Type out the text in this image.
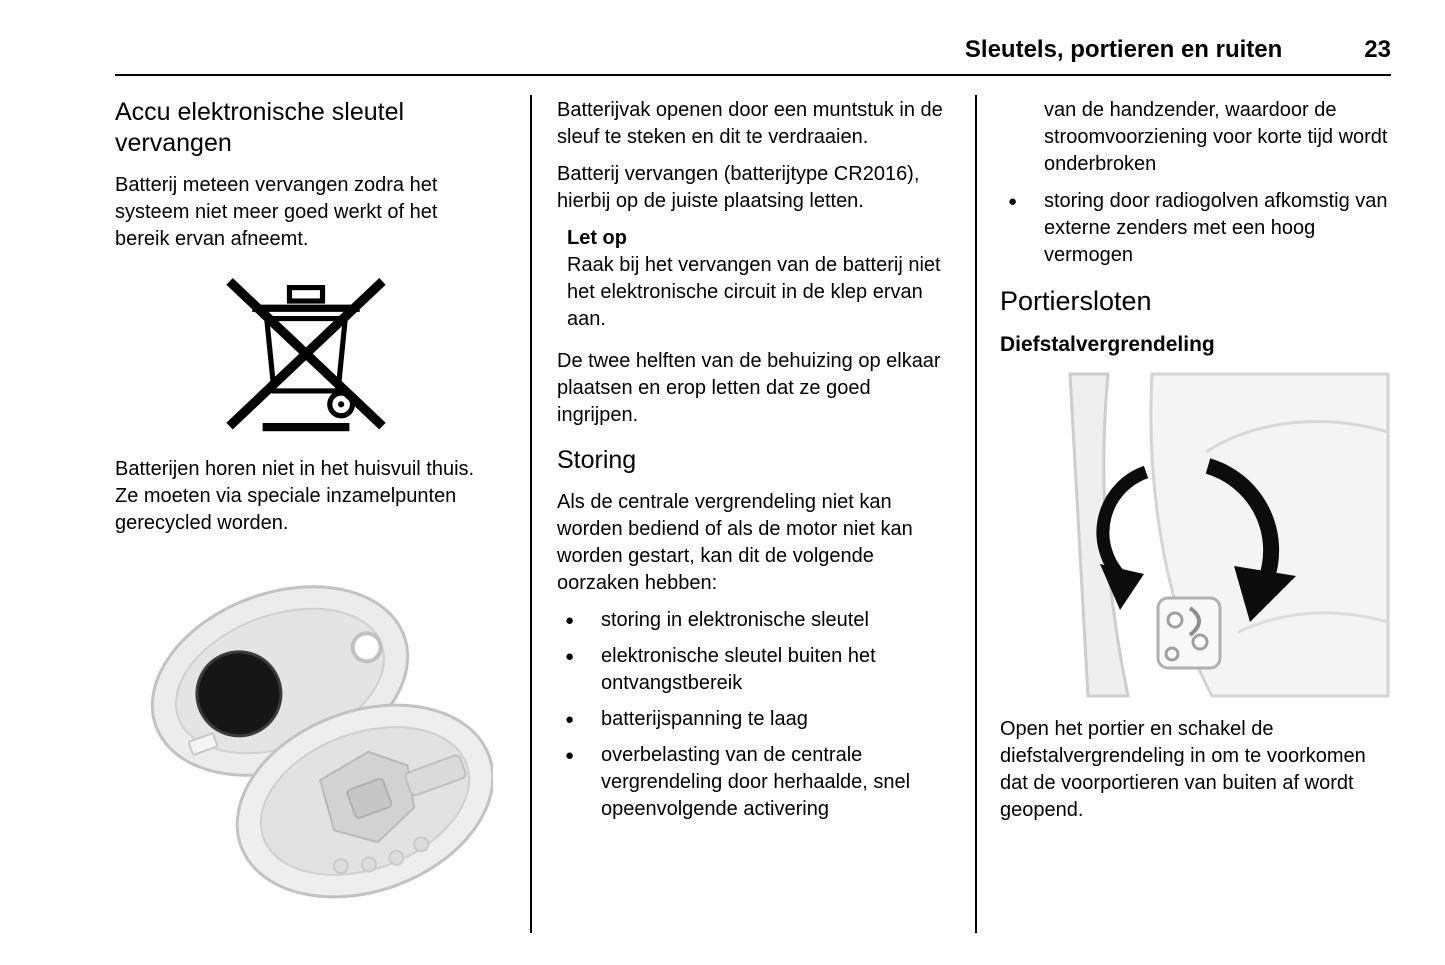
Sleutels, portieren en ruiten	23
Accu elektronische sleutel vervangen

Batterij meteen vervangen zodra het systeem niet meer goed werkt of het bereik ervan afneemt.

Batterijen horen niet in het huisvuil thuis. Ze moeten via speciale inzamelpunten gerecycled worden.

Batterijvak openen door een muntstuk in de sleuf te steken en dit te verdraaien.

Batterij vervangen (batterijtype CR2016), hierbij op de juiste plaatsing letten.

Let op
Raak bij het vervangen van de batterij niet het elektronische circuit in de klep ervan aan.

De twee helften van de behuizing op elkaar plaatsen en erop letten dat ze goed ingrijpen.

Storing

Als de centrale vergrendeling niet kan worden bediend of als de motor niet kan worden gestart, kan dit de volgende oorzaken hebben:

● storing in elektronische sleutel
● elektronische sleutel buiten het ontvangstbereik
● batterijspanning te laag
● overbelasting van de centrale vergrendeling door herhaalde, snel opeenvolgende activering
van de handzender, waardoor de stroomvoorziening voor korte tijd wordt onderbroken
● storing door radiogolven afkomstig van externe zenders met een hoog vermogen
Portiersloten
Diefstalvergrendeling

Open het portier en schakel de diefstalvergrendeling in om te voorkomen dat de voorportieren van buiten af wordt geopend.
